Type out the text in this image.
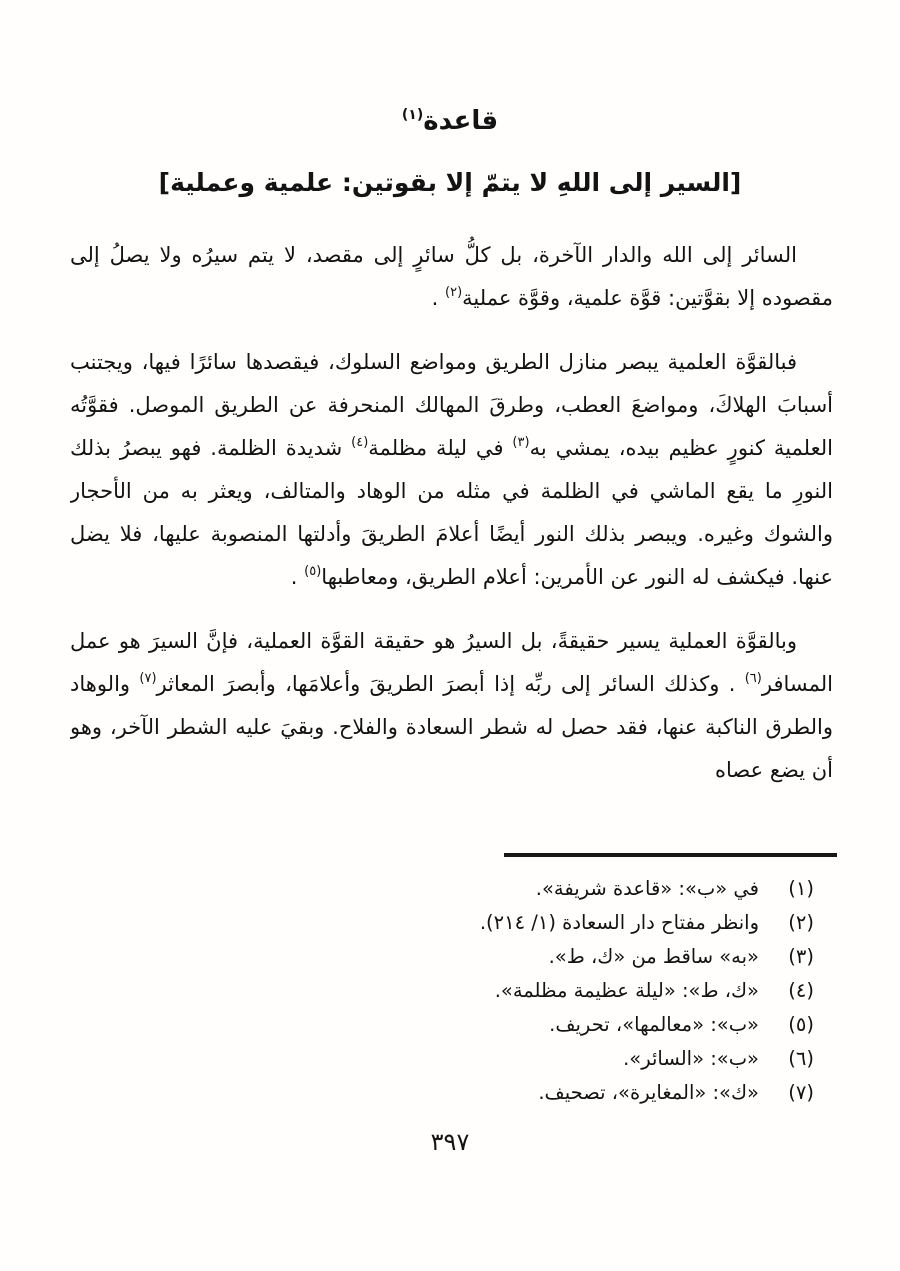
قاعدة$^{(١)}$
[السير إلى اللهِ لا يتمّ إلا بقوتين: علمية وعملية]

السائر إلى الله والدار الآخرة، بل كلُّ سائرٍ إلى مقصد، لا يتم سيرُه ولا يصلُ إلى مقصوده إلا بقوَّتين: قوَّة علمية، وقوَّة عملية$^{(٢)}$ .

فبالقوَّة العلمية يبصر منازل الطريق ومواضع السلوك، فيقصدها سائرًا فيها، ويجتنب أسبابَ الهلاكَ، ومواضعَ العطب، وطرقَ المهالك المنحرفة عن الطريق الموصل. فقوَّتُه العلمية كنورٍ عظيم بيده، يمشي به$^{(٣)}$ في ليلة مظلمة$^{(٤)}$ شديدة الظلمة. فهو يبصرُ بذلك النورِ ما يقع الماشي في الظلمة في مثله من الوهاد والمتالف، ويعثر به من الأحجار والشوك وغيره. ويبصر بذلك النور أيضًا أعلامَ الطريقَ وأدلتها المنصوبة عليها، فلا يضل عنها. فيكشف له النور عن الأمرين: أعلام الطريق، ومعاطبها$^{(٥)}$ .

وبالقوَّة العملية يسير حقيقةً، بل السيرُ هو حقيقة القوَّة العملية، فإنَّ السيرَ هو عمل المسافر$^{(٦)}$ . وكذلك السائر إلى ربِّه إذا أبصرَ الطريقَ وأعلامَها، وأبصرَ المعاثر$^{(٧)}$ والوهاد والطرق الناكبة عنها، فقد حصل له شطر السعادة والفلاح. وبقيَ عليه الشطر الآخر، وهو أن يضع عصاه

(١)
في «ب»: «قاعدة شريفة».
(٢)
وانظر مفتاح دار السعادة (١/ ٢١٤).
(٣)
«به» ساقط من «ك، ط».
(٤)
«ك، ط»: «ليلة عظيمة مظلمة».
(٥)
«ب»: «معالمها»، تحريف.
(٦)
«ب»: «السائر».
(٧)
«ك»: «المغايرة»، تصحيف.
٣٩٧
